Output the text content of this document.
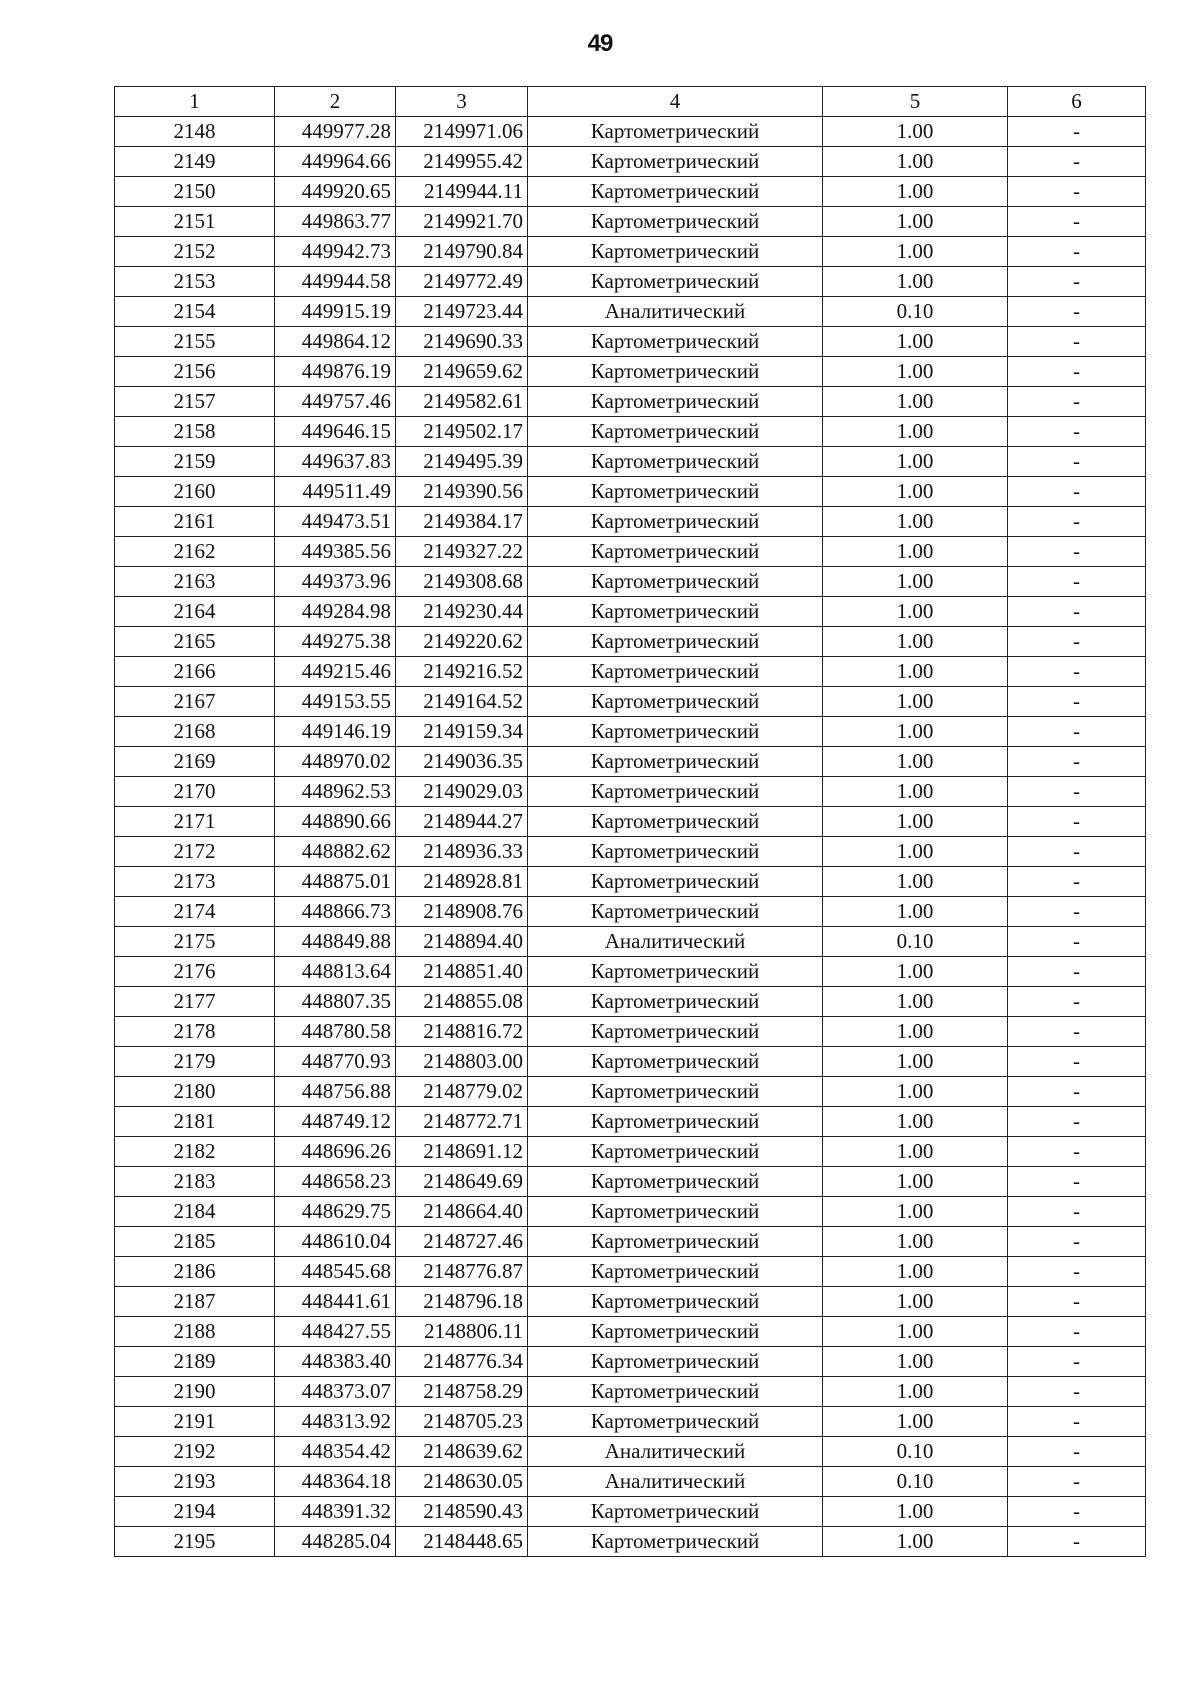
49
1	2	3	4	5	6
2148	449977.28	2149971.06	Картометрический	1.00	-
2149	449964.66	2149955.42	Картометрический	1.00	-
2150	449920.65	2149944.11	Картометрический	1.00	-
2151	449863.77	2149921.70	Картометрический	1.00	-
2152	449942.73	2149790.84	Картометрический	1.00	-
2153	449944.58	2149772.49	Картометрический	1.00	-
2154	449915.19	2149723.44	Аналитический	0.10	-
2155	449864.12	2149690.33	Картометрический	1.00	-
2156	449876.19	2149659.62	Картометрический	1.00	-
2157	449757.46	2149582.61	Картометрический	1.00	-
2158	449646.15	2149502.17	Картометрический	1.00	-
2159	449637.83	2149495.39	Картометрический	1.00	-
2160	449511.49	2149390.56	Картометрический	1.00	-
2161	449473.51	2149384.17	Картометрический	1.00	-
2162	449385.56	2149327.22	Картометрический	1.00	-
2163	449373.96	2149308.68	Картометрический	1.00	-
2164	449284.98	2149230.44	Картометрический	1.00	-
2165	449275.38	2149220.62	Картометрический	1.00	-
2166	449215.46	2149216.52	Картометрический	1.00	-
2167	449153.55	2149164.52	Картометрический	1.00	-
2168	449146.19	2149159.34	Картометрический	1.00	-
2169	448970.02	2149036.35	Картометрический	1.00	-
2170	448962.53	2149029.03	Картометрический	1.00	-
2171	448890.66	2148944.27	Картометрический	1.00	-
2172	448882.62	2148936.33	Картометрический	1.00	-
2173	448875.01	2148928.81	Картометрический	1.00	-
2174	448866.73	2148908.76	Картометрический	1.00	-
2175	448849.88	2148894.40	Аналитический	0.10	-
2176	448813.64	2148851.40	Картометрический	1.00	-
2177	448807.35	2148855.08	Картометрический	1.00	-
2178	448780.58	2148816.72	Картометрический	1.00	-
2179	448770.93	2148803.00	Картометрический	1.00	-
2180	448756.88	2148779.02	Картометрический	1.00	-
2181	448749.12	2148772.71	Картометрический	1.00	-
2182	448696.26	2148691.12	Картометрический	1.00	-
2183	448658.23	2148649.69	Картометрический	1.00	-
2184	448629.75	2148664.40	Картометрический	1.00	-
2185	448610.04	2148727.46	Картометрический	1.00	-
2186	448545.68	2148776.87	Картометрический	1.00	-
2187	448441.61	2148796.18	Картометрический	1.00	-
2188	448427.55	2148806.11	Картометрический	1.00	-
2189	448383.40	2148776.34	Картометрический	1.00	-
2190	448373.07	2148758.29	Картометрический	1.00	-
2191	448313.92	2148705.23	Картометрический	1.00	-
2192	448354.42	2148639.62	Аналитический	0.10	-
2193	448364.18	2148630.05	Аналитический	0.10	-
2194	448391.32	2148590.43	Картометрический	1.00	-
2195	448285.04	2148448.65	Картометрический	1.00	-
